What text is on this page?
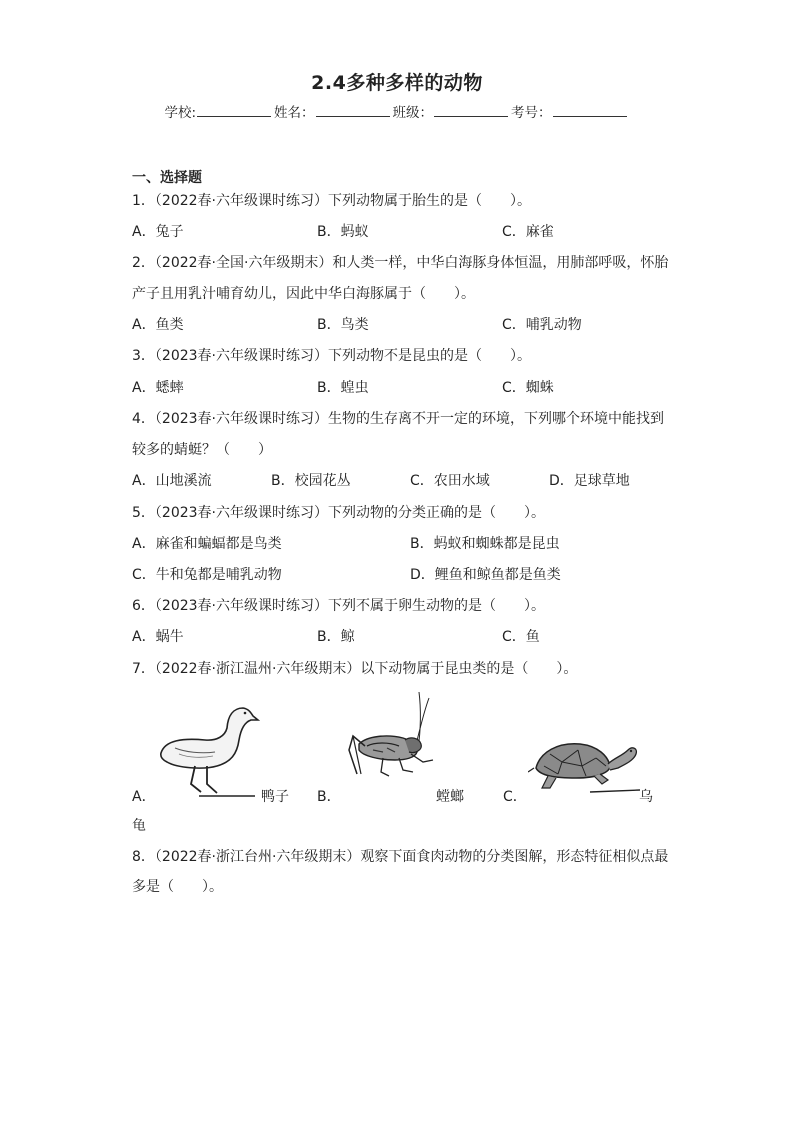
2.4多种多样的动物
学校:	姓名：	班级：	考号：
一、选择题
1．（2022春·六年级课时练习）下列动物属于胎生的是（　　）。
A．兔子	B．蚂蚁	C．麻雀
2．（2022春·全国·六年级期末）和人类一样，中华白海豚身体恒温，用肺部呼吸，怀胎
产子且用乳汁哺育幼儿，因此中华白海豚属于（　　）。
A．鱼类	B．鸟类	C．哺乳动物
3．（2023春·六年级课时练习）下列动物不是昆虫的是（　　）。
A．蟋蟀	B．蝗虫	C．蜘蛛
4．（2023春·六年级课时练习）生物的生存离不开一定的环境，下列哪个环境中能找到
较多的蜻蜓？（　　）
A．山地溪流	B．校园花丛	C．农田水域	D．足球草地
5．（2023春·六年级课时练习）下列动物的分类正确的是（　　）。
A．麻雀和蝙蝠都是鸟类	B．蚂蚁和蜘蛛都是昆虫
C．牛和兔都是哺乳动物	D．鲤鱼和鲸鱼都是鱼类
6．（2023春·六年级课时练习）下列不属于卵生动物的是（　　）。
A．蜗牛	B．鲸	C．鱼
7．（2022春·浙江温州·六年级期末）以下动物属于昆虫类的是（　　）。
A．	鸭子 B．	螳螂	C．	乌
龟
8．（2022春·浙江台州·六年级期末）观察下面食肉动物的分类图解，形态特征相似点最
多是（　　）。
